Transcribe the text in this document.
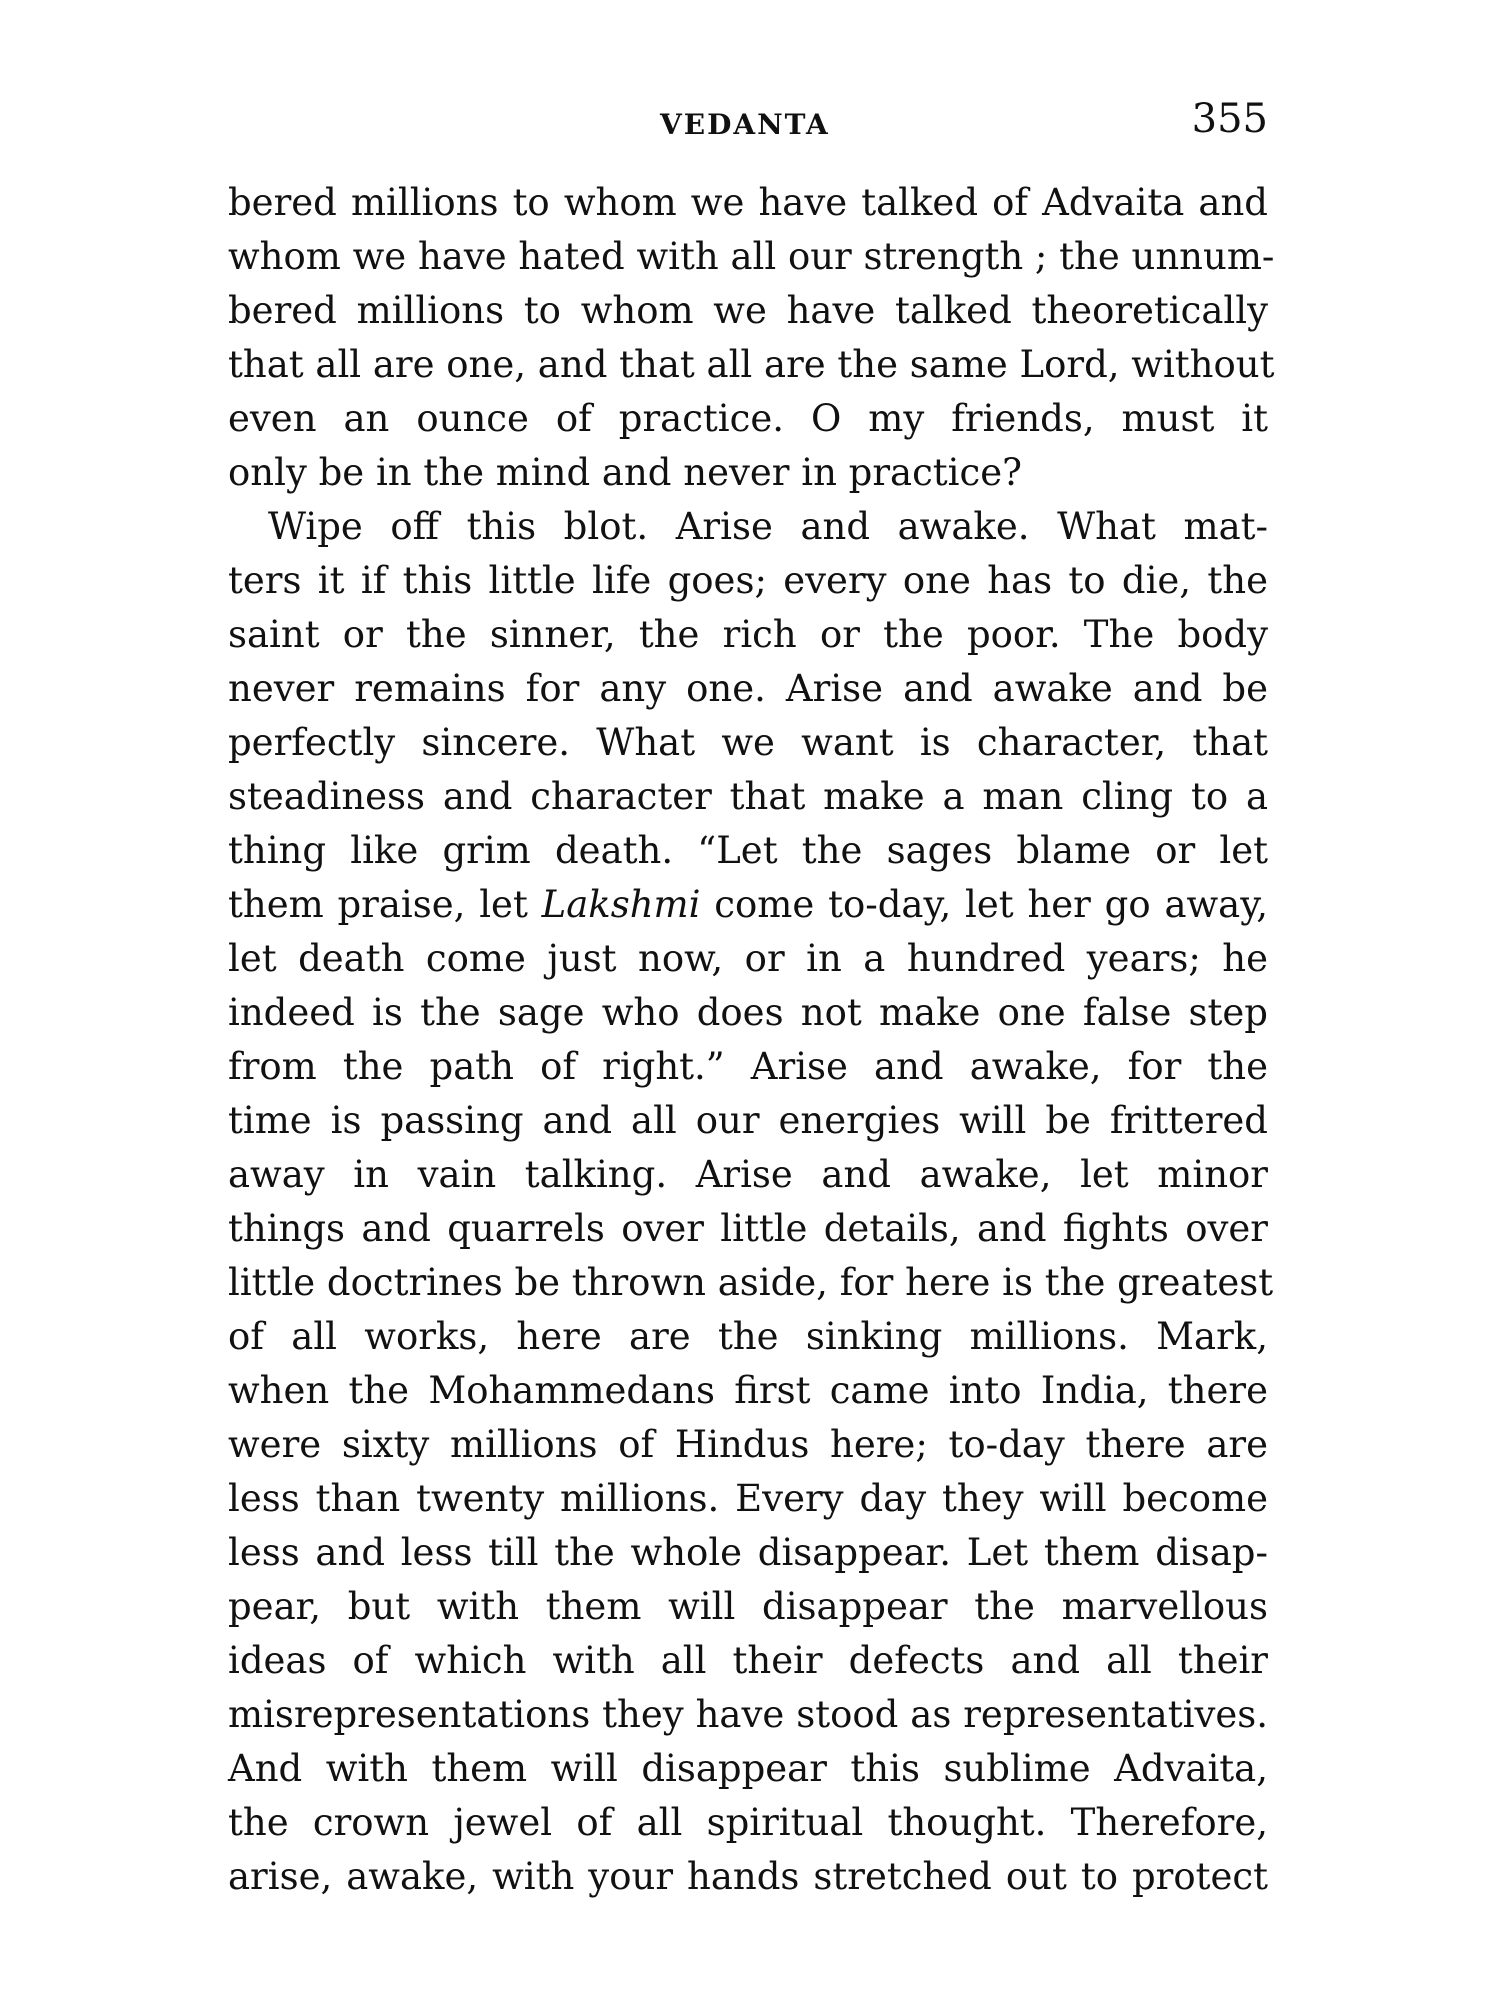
VEDANTA	355
bered millions to whom we have talked of Advaita and
whom we have hated with all our strength ; the unnum-
bered millions to whom we have talked theoretically
that all are one, and that all are the same Lord, without
even an ounce of practice. O my friends, must it
only be in the mind and never in practice?
Wipe off this blot. Arise and awake. What mat-
ters it if this little life goes; every one has to die, the
saint or the sinner, the rich or the poor. The body
never remains for any one. Arise and awake and be
perfectly sincere. What we want is character, that
steadiness and character that make a man cling to a
thing like grim death. “Let the sages blame or let
them praise, let Lakshmi come to-day, let her go away,
let death come just now, or in a hundred years; he
indeed is the sage who does not make one false step
from the path of right.” Arise and awake, for the
time is passing and all our energies will be frittered
away in vain talking. Arise and awake, let minor
things and quarrels over little details, and fights over
little doctrines be thrown aside, for here is the greatest
of all works, here are the sinking millions. Mark,
when the Mohammedans first came into India, there
were sixty millions of Hindus here; to-day there are
less than twenty millions. Every day they will become
less and less till the whole disappear. Let them disap-
pear, but with them will disappear the marvellous
ideas of which with all their defects and all their
misrepresentations they have stood as representatives.
And with them will disappear this sublime Advaita,
the crown jewel of all spiritual thought. Therefore,
arise, awake, with your hands stretched out to protect
